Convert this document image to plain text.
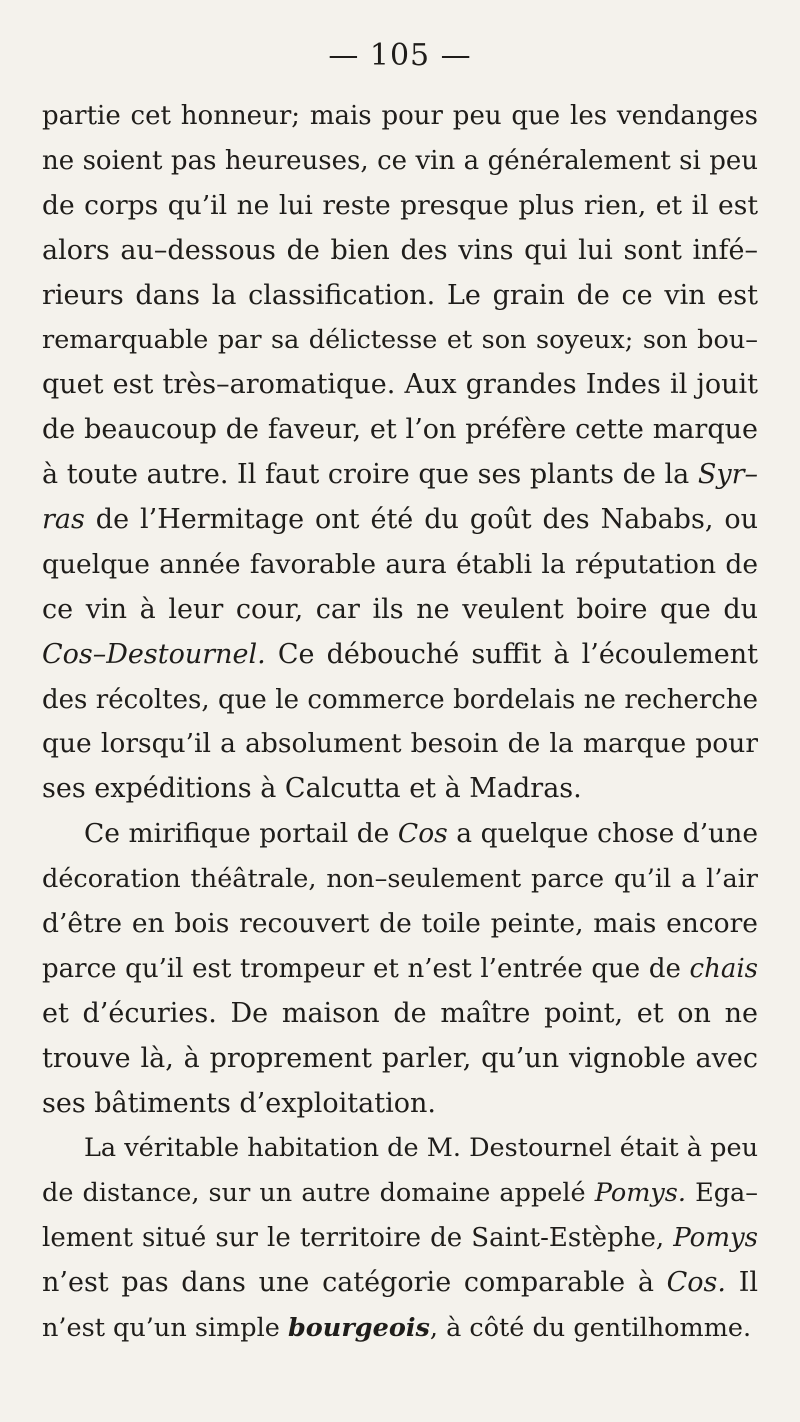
— 105 —
partie cet honneur; mais pour peu que les vendanges
ne soient pas heureuses, ce vin a généralement si peu
de corps qu’il ne lui reste presque plus rien, et il est
alors au–dessous de bien des vins qui lui sont infé–
rieurs dans la classification. Le grain de ce vin est
remarquable par sa délictesse et son soyeux; son bou–
quet est très–aromatique. Aux grandes Indes il jouit
de beaucoup de faveur, et l’on préfère cette marque
à toute autre. Il faut croire que ses plants de la Syr–
ras de l’Hermitage ont été du goût des Nababs, ou
quelque année favorable aura établi la réputation de
ce vin à leur cour, car ils ne veulent boire que du
Cos–Destournel. Ce débouché suffit à l’écoulement
des récoltes, que le commerce bordelais ne recherche
que lorsqu’il a absolument besoin de la marque pour
ses expéditions à Calcutta et à Madras.
Ce mirifique portail de Cos a quelque chose d’une
décoration théâtrale, non–seulement parce qu’il a l’air
d’être en bois recouvert de toile peinte, mais encore
parce qu’il est trompeur et n’est l’entrée que de chais
et d’écuries. De maison de maître point, et on ne
trouve là, à proprement parler, qu’un vignoble avec
ses bâtiments d’exploitation.
La véritable habitation de M. Destournel était à peu
de distance, sur un autre domaine appelé Pomys. Ega–
lement situé sur le territoire de Saint-Estèphe, Pomys
n’est pas dans une catégorie comparable à Cos. Il
n’est qu’un simple bourgeois, à côté du gentilhomme.
